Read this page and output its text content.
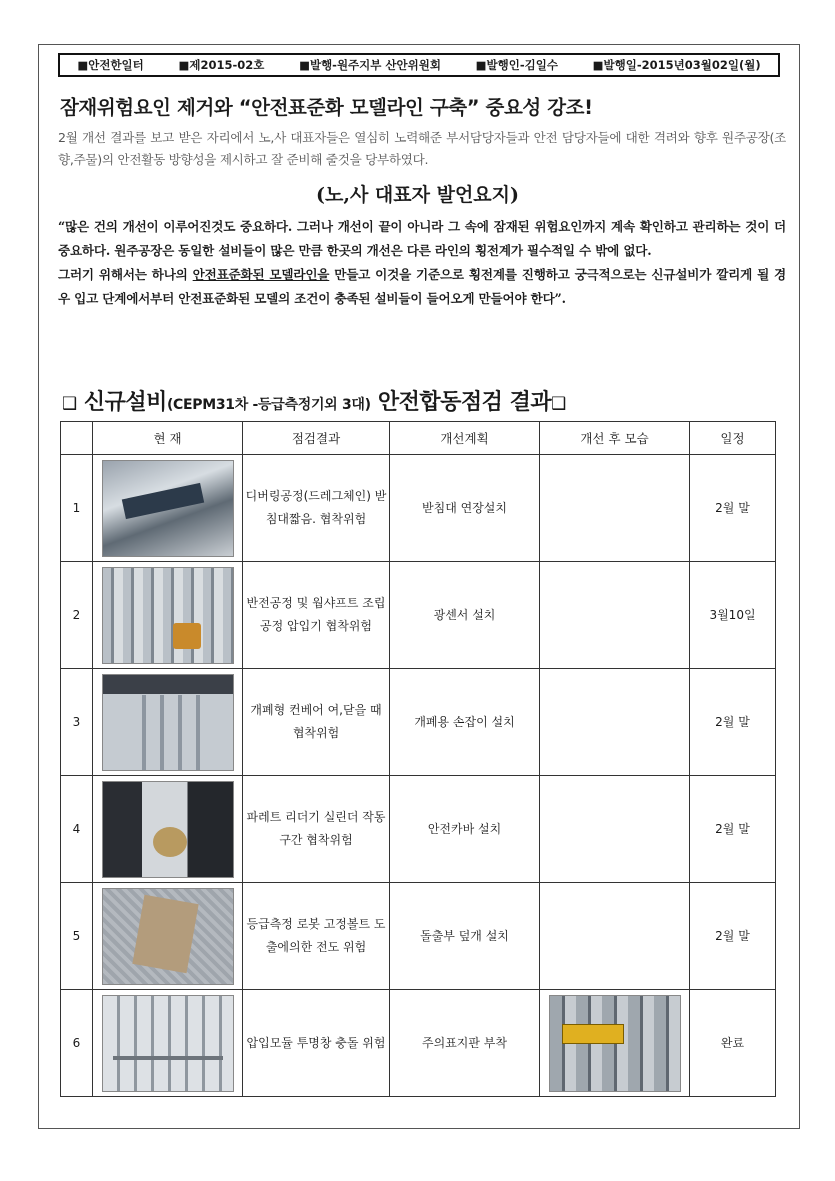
■안전한일터	■제2015-02호	■발행-원주지부 산안위원회	■발행인-김일수	■발행일-2015년03월02일(월)
잠재위험요인 제거와 “안전표준화 모델라인 구축” 중요성 강조!
2월 개선 결과를 보고 받은 자리에서 노,사 대표자들은 열심히 노력해준 부서담당자들과 안전 담당자들에 대한 격려와 향후 원주공장(조향,주물)의 안전활동 방향성을 제시하고 잘 준비해 줄것을 당부하였다.
(노,사 대표자 발언요지)
“많은 건의 개선이 이루어진것도 중요하다. 그러나 개선이 끝이 아니라 그 속에 잠재된 위험요인까지 계속 확인하고 관리하는 것이 더 중요하다. 원주공장은 동일한 설비들이 많은 만큼 한곳의 개선은 다른 라인의 횡전계가 필수적일 수 밖에 없다.
그러기 위해서는 하나의 안전표준화된 모델라인을 만들고 이것을 기준으로 횡전계를 진행하고 궁극적으로는 신규설비가 깔리게 될 경우 입고 단계에서부터 안전표준화된 모델의 조건이 충족된 설비들이 들어오게 만들어야 한다”.
❑ 신규설비(CEPM31차 -등급측정기외 3대) 안전합동점검 결과❑
	현 재	점검결과	개선계획	개선 후 모습	일정
1		디버링공정(드레그체인) 받침대짧음. 협착위험	받침대 연장설치		2월 말
2		반전공정 및 웜샤프트 조립공정 압입기 협착위험	광센서 설치		3월10일
3		개폐형 컨베어 여,닫을 때 협착위험	개폐용 손잡이 설치		2월 말
4		파레트 리더기 실린더 작동구간 협착위험	안전카바 설치		2월 말
5		등급측정 로봇 고정볼트 도출에의한 전도 위험	돌출부 덮개 설치		2월 말
6		압입모듈 투명창 충돌 위험	주의표지판 부착		완료
